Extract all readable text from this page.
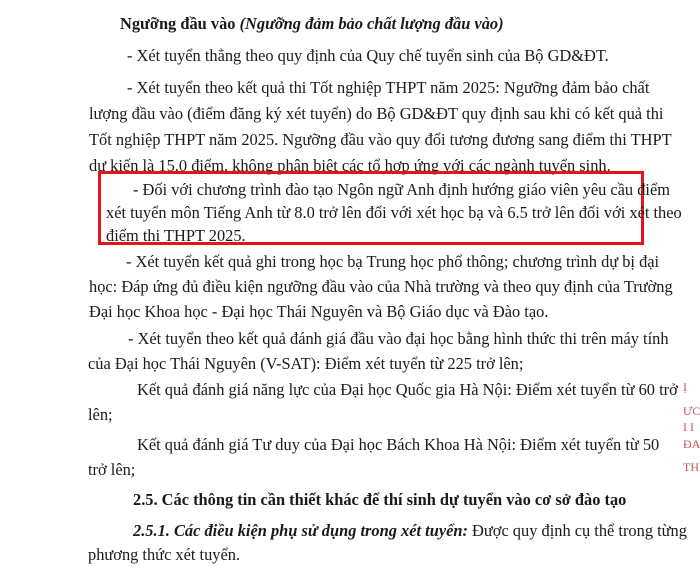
Ngưỡng đầu vào (Ngưỡng đảm bảo chất lượng đầu vào)
- Xét tuyển thẳng theo quy định của Quy chế tuyển sinh của Bộ GD&ĐT.
- Xét tuyển theo kết quả thi Tốt nghiệp THPT năm 2025: Ngưỡng đảm bảo chất
lượng đầu vào (điểm đăng ký xét tuyển) do Bộ GD&ĐT quy định sau khi có kết quả thi
Tốt nghiệp THPT năm 2025. Ngưỡng đầu vào quy đổi tương đương sang điểm thi THPT
dự kiến là 15.0 điểm, không phân biệt các tổ hợp ứng với các ngành tuyển sinh.
- Đối với chương trình đào tạo Ngôn ngữ Anh định hướng giáo viên yêu cầu điểm
xét tuyển môn Tiếng Anh từ 8.0 trở lên đối với xét học bạ và 6.5 trở lên đối với xét theo
điểm thi THPT 2025.
- Xét tuyển kết quả ghi trong học bạ Trung học phổ thông; chương trình dự bị đại
học: Đáp ứng đủ điều kiện ngưỡng đầu vào của Nhà trường và theo quy định của Trường
Đại học Khoa học - Đại học Thái Nguyên và Bộ Giáo dục và Đào tạo.
- Xét tuyển theo kết quả đánh giá đầu vào đại học bằng hình thức thi trên máy tính
của Đại học Thái Nguyên (V-SAT): Điểm xét tuyển từ 225 trở lên;
Kết quả đánh giá năng lực của Đại học Quốc gia Hà Nội: Điểm xét tuyển từ 60 trở
lên;
Kết quả đánh giá Tư duy của Đại học Bách Khoa Hà Nội: Điểm xét tuyển từ 50
trở lên;
2.5. Các thông tin cần thiết khác để thí sinh dự tuyển vào cơ sở đào tạo
2.5.1. Các điều kiện phụ sử dụng trong xét tuyển: Được quy định cụ thể trong từng
phương thức xét tuyển.
Ị
ƯC
I I
ĐA
TH
